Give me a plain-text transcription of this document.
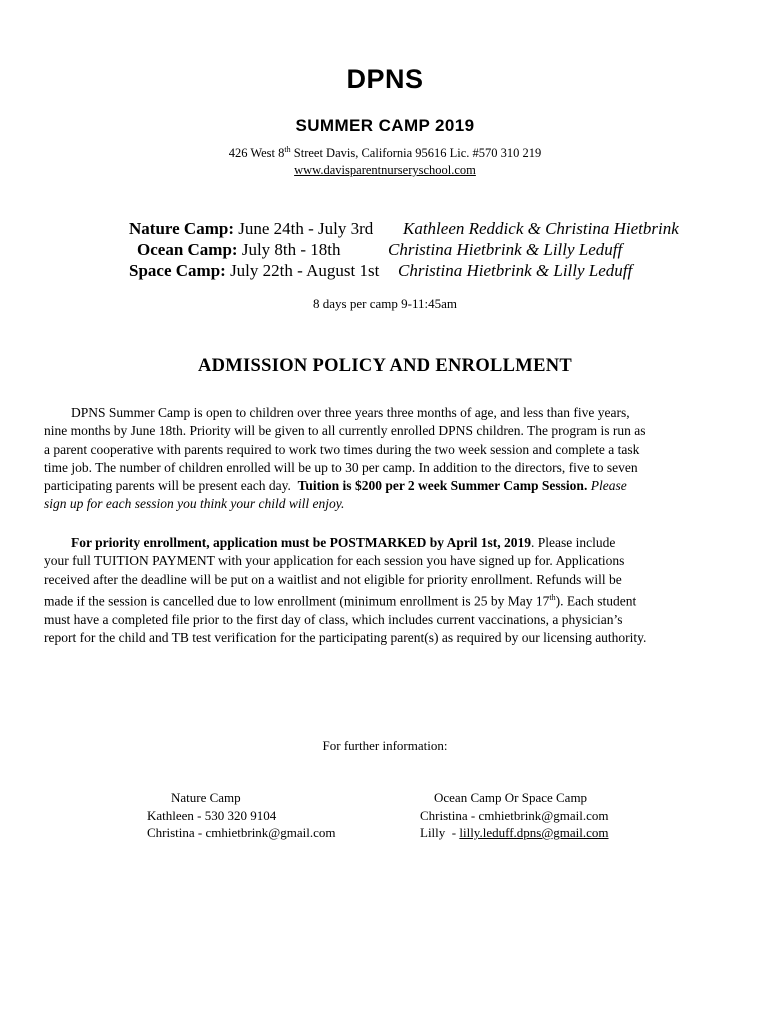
DPNS
SUMMER CAMP 2019
426 West 8th Street Davis, California 95616 Lic. #570 310 219
www.davisparentnurseryschool.com
Nature Camp: June 24th - July 3rd Kathleen Reddick & Christina Hietbrink
Ocean Camp: July 8th - 18th	Christina Hietbrink & Lilly Leduff
Space Camp: July 22th - August 1st Christina Hietbrink & Lilly Leduff
8 days per camp 9-11:45am
ADMISSION POLICY AND ENROLLMENT
DPNS Summer Camp is open to children over three years three months of age, and less than five years,
nine months by June 18th. Priority will be given to all currently enrolled DPNS children. The program is run as
a parent cooperative with parents required to work two times during the two week session and complete a task
time job. The number of children enrolled will be up to 30 per camp. In addition to the directors, five to seven
participating parents will be present each day.  Tuition is $200 per 2 week Summer Camp Session. Please
sign up for each session you think your child will enjoy.
For priority enrollment, application must be POSTMARKED by April 1st, 2019. Please include
your full TUITION PAYMENT with your application for each session you have signed up for. Applications
received after the deadline will be put on a waitlist and not eligible for priority enrollment. Refunds will be
made if the session is cancelled due to low enrollment (minimum enrollment is 25 by May 17th). Each student
must have a completed file prior to the first day of class, which includes current vaccinations, a physician’s
report for the child and TB test verification for the participating parent(s) as required by our licensing authority.
For further information:
Nature Camp
Kathleen - 530 320 9104
Christina - cmhietbrink@gmail.com
Ocean Camp Or Space Camp
Christina - cmhietbrink@gmail.com
Lilly  - lilly.leduff.dpns@gmail.com
